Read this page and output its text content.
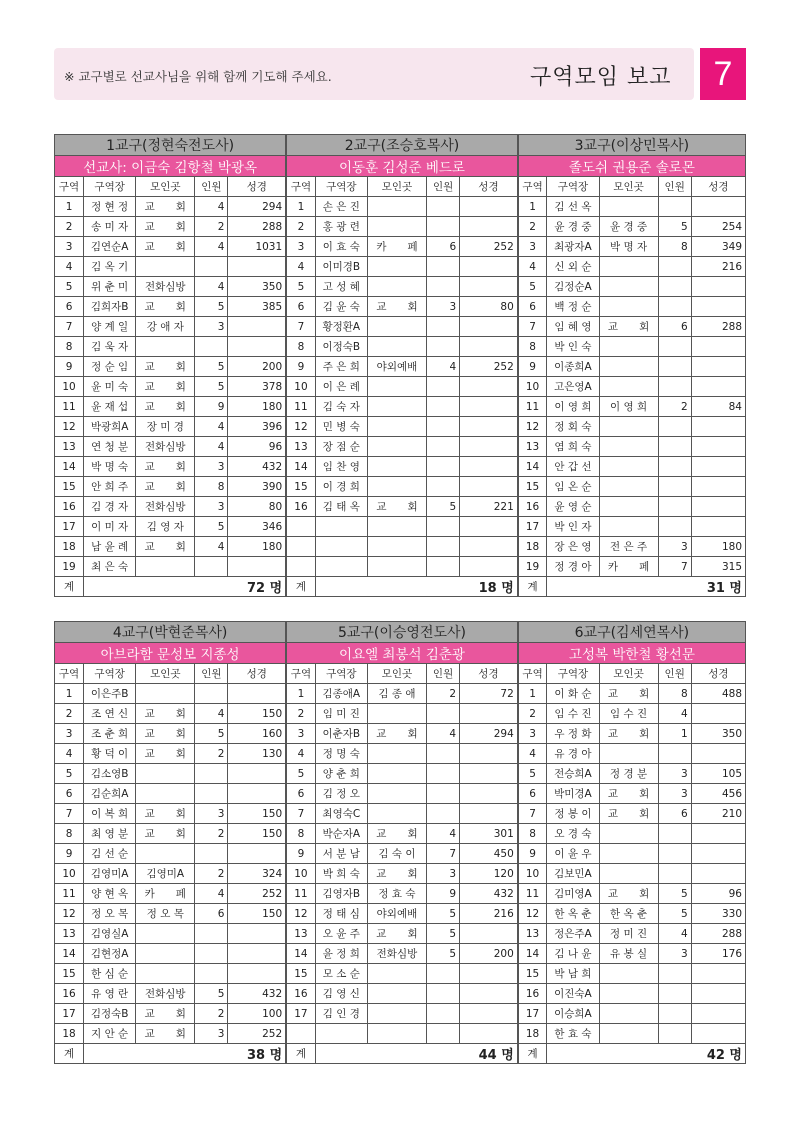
※ 교구별로 선교사님을 위해 함께 기도해 주세요.	구역모임 보고	7
1교구(정현숙전도사)					2교구(조승호목사)					3교구(이상민목사)				
선교사: 이금숙 김항철 박광옥					이동훈 김성준 베드로					졸도쉬 권용준 솔로몬				
구역	구역장	모인곳	인원	성경	구역	구역장	모인곳	인원	성경	구역	구역장	모인곳	인원	성경
1	정 현 정	교　　회	4	294	1	손 은 진				1	김 선 옥			
2	송 미 자	교　　회	2	288	2	홍 광 련				2	윤 경 중	윤 경 중	5	254
3	김연순A	교　　회	4	1031	3	이 효 숙	카　　페	6	252	3	최광자A	박 명 자	8	349
4	김 옥 기				4	이미경B				4	신 외 순			216
5	위 춘 미	전화심방	4	350	5	고 성 혜				5	김정순A			
6	김희자B	교　　회	5	385	6	김 윤 숙	교　　회	3	80	6	백 정 순			
7	양 계 일	강 애 자	3		7	황정환A				7	임 혜 영	교　　회	6	288
8	김 욱 자				8	이정숙B				8	박 인 숙			
9	정 순 임	교　　회	5	200	9	주 은 희	야외예배	4	252	9	이종희A			
10	윤 미 숙	교　　회	5	378	10	이 은 례				10	고은영A			
11	윤 재 섭	교　　회	9	180	11	김 숙 자				11	이 영 희	이 영 희	2	84
12	박광희A	장 미 경	4	396	12	민 병 숙				12	정 회 숙			
13	연 청 분	전화심방	4	96	13	장 점 순				13	염 희 숙			
14	박 명 숙	교　　회	3	432	14	임 찬 영				14	안 갑 선			
15	안 희 주	교　　회	8	390	15	이 경 희				15	임 온 순			
16	김 경 자	전화심방	3	80	16	김 태 옥	교　　회	5	221	16	윤 영 순			
17	이 미 자	김 영 자	5	346						17	박 인 자			
18	남 윤 례	교　　회	4	180						18	장 은 영	전 은 주	3	180
19	최 은 숙									19	정 경 아	카　　페	7	315
계	72 명				계	18 명				계	31 명			
4교구(박현준목사)					5교구(이승영전도사)					6교구(김세연목사)				
아브라함 문성보 지종성					이요엘 최봉석 김춘광					고성복 박한철 황선문				
구역	구역장	모인곳	인원	성경	구역	구역장	모인곳	인원	성경	구역	구역장	모인곳	인원	성경
1	이은주B				1	김종애A	김 종 애	2	72	1	이 화 순	교　　회	8	488
2	조 연 신	교　　회	4	150	2	임 미 진				2	임 수 진	임 수 진	4	
3	조 춘 희	교　　회	5	160	3	이춘자B	교　　회	4	294	3	우 정 화	교　　회	1	350
4	황 덕 이	교　　회	2	130	4	정 명 숙				4	유 경 아			
5	김소영B				5	양 춘 희				5	전승희A	정 경 분	3	105
6	김순희A				6	김 정 오				6	박미경A	교　　회	3	456
7	이 복 희	교　　회	3	150	7	최영숙C				7	정 봉 이	교　　회	6	210
8	최 영 분	교　　회	2	150	8	박순자A	교　　회	4	301	8	오 경 숙			
9	김 선 순				9	서 분 남	김 숙 이	7	450	9	이 윤 우			
10	김영미A	김영미A	2	324	10	박 희 숙	교　　회	3	120	10	김보민A			
11	양 현 옥	카　　페	4	252	11	김영자B	정 효 숙	9	432	11	김미영A	교　　회	5	96
12	정 오 목	정 오 목	6	150	12	정 태 심	야외예배	5	216	12	한 옥 춘	한 옥 춘	5	330
13	김영실A				13	오 윤 주	교　　회	5		13	정은주A	정 미 진	4	288
14	김현정A				14	윤 정 희	전화심방	5	200	14	김 나 윤	유 봉 실	3	176
15	한 심 순				15	모 소 순				15	박 남 희			
16	유 영 란	전화심방	5	432	16	김 영 신				16	이진숙A			
17	김정숙B	교　　회	2	100	17	김 인 경				17	이승희A			
18	지 안 순	교　　회	3	252						18	한 효 숙			
계	38 명				계	44 명				계	42 명			
